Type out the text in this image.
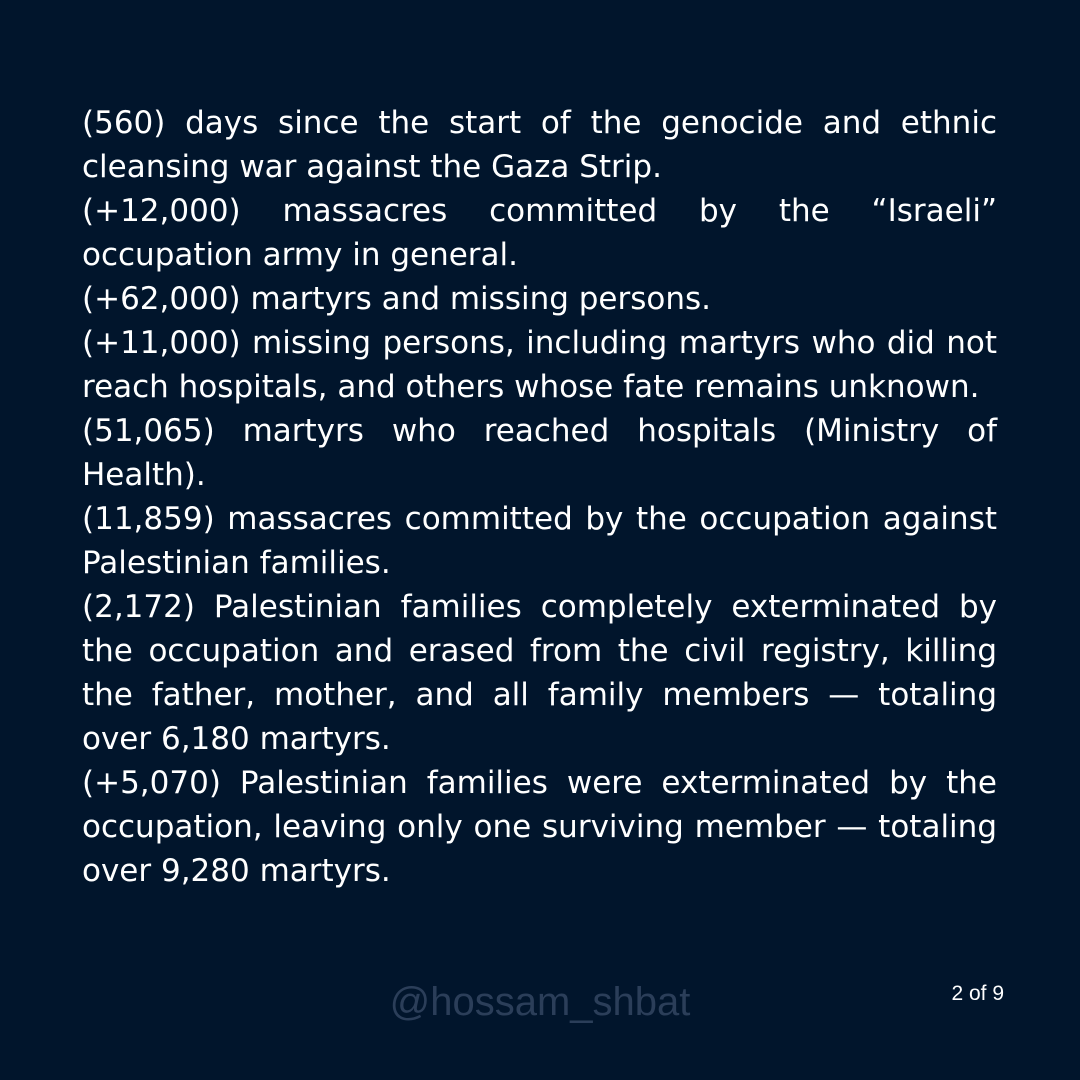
(560) days since the start of the genocide and ethnic cleansing war against the Gaza Strip.

(+12,000) massacres committed by the “Israeli” occupation army in general.

(+62,000) martyrs and missing persons.

(+11,000) missing persons, including martyrs who did not reach hospitals, and others whose fate remains unknown.

(51,065) martyrs who reached hospitals (Ministry of Health).

(11,859) massacres committed by the occupation against Palestinian families.

(2,172) Palestinian families completely exterminated by the occupation and erased from the civil registry, killing the father, mother, and all family members — totaling over 6,180 martyrs.

(+5,070) Palestinian families were exterminated by the occupation, leaving only one surviving member — totaling over 9,280 martyrs.

@hossam_shbat	2 of 9
